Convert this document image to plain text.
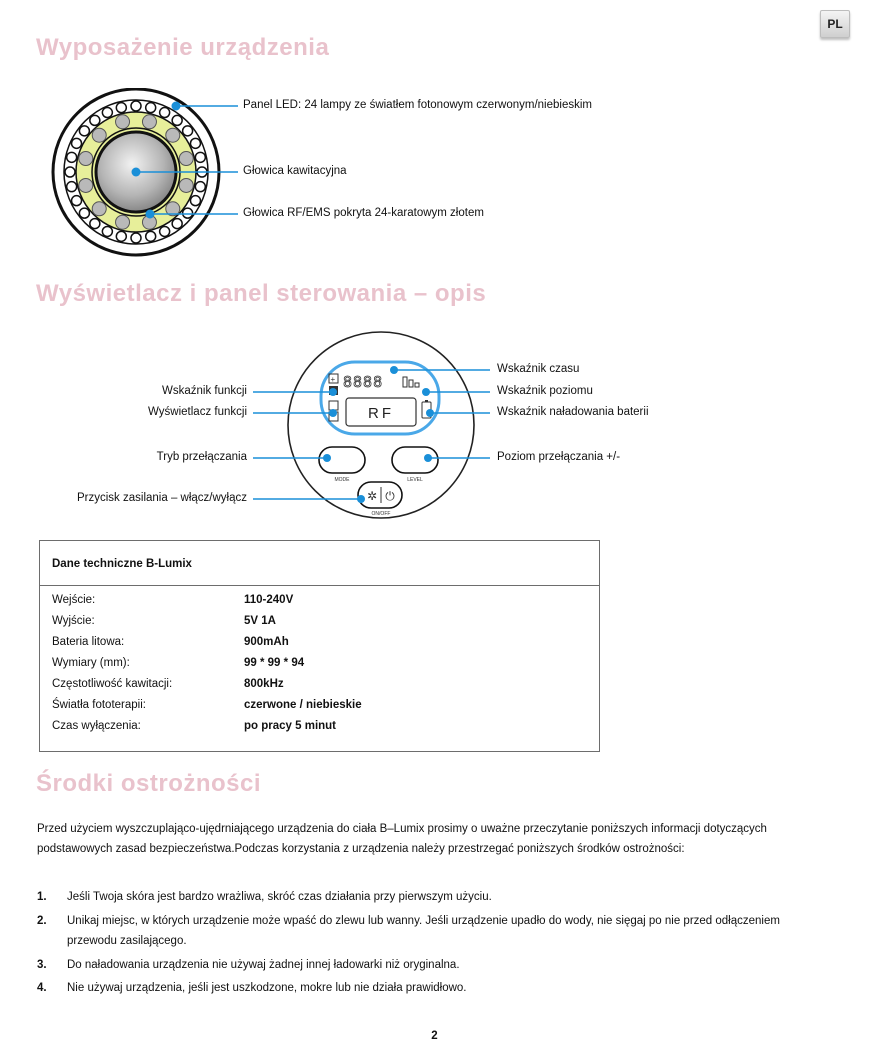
PL
Wyposażenie urządzenia
Panel LED: 24 lampy ze światłem fotonowym czerwonym/niebieskim
Głowica kawitacyjna
Głowica RF/EMS pokryta 24-karatowym złotem
Wyświetlacz i panel sterowania – opis
+ 8888
RF
MODE	LEVEL
✲ ⏻
ON/OFF
Wskaźnik funkcji
Wyświetlacz funkcji
Tryb przełączania
Przycisk zasilania – włącz/wyłącz
Wskaźnik czasu
Wskaźnik poziomu
Wskaźnik naładowania baterii
Poziom przełączania +/-
Dane techniczne B-Lumix
Wejście:	110-240V
Wyjście:	5V 1A
Bateria litowa:	900mAh
Wymiary (mm):	99 * 99 * 94
Częstotliwość kawitacji:	800kHz
Światła fototerapii:	czerwone / niebieskie
Czas wyłączenia:	po pracy 5 minut
Środki ostrożności
Przed użyciem wyszczuplająco-ujędrniającego urządzenia do ciała B–Lumix prosimy o uważne przeczytanie poniższych informacji dotyczących podstawowych zasad bezpieczeństwa.Podczas korzystania z urządzenia należy przestrzegać poniższych środków ostrożności:
1. Jeśli Twoja skóra jest bardzo wrażliwa, skróć czas działania przy pierwszym użyciu.
2. Unikaj miejsc, w których urządzenie może wpaść do zlewu lub wanny. Jeśli urządzenie upadło do wody, nie sięgaj po nie przed odłączeniem przewodu zasilającego.
3. Do naładowania urządzenia nie używaj żadnej innej ładowarki niż oryginalna.
4. Nie używaj urządzenia, jeśli jest uszkodzone, mokre lub nie działa prawidłowo.
2
